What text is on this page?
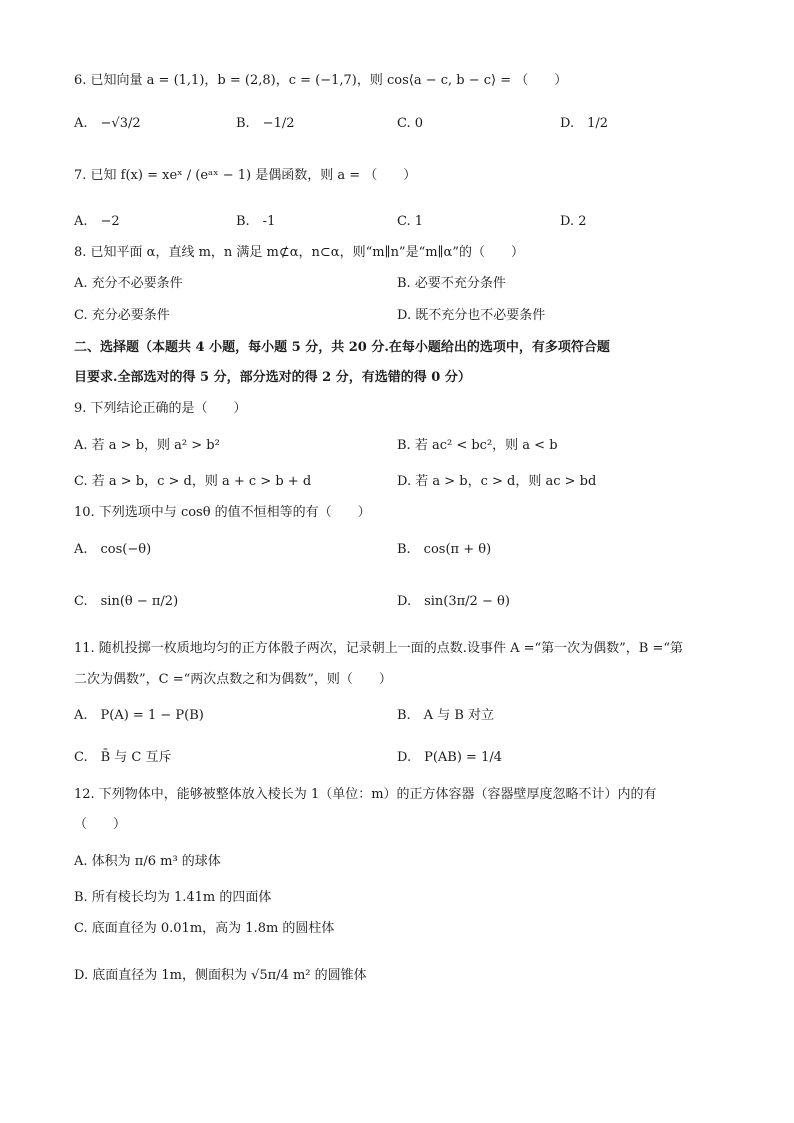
6. 已知向量 a = (1,1)，b = (2,8)，c = (−1,7)，则 cos⟨a − c, b − c⟩ = （　　）
A.　−√3/2	B.　−1/2	C. 0	D.　1/2
7. 已知 f(x) = xeˣ / (eᵃˣ − 1) 是偶函数，则 a = （　　）
A.　−2	B.　-1	C. 1	D. 2
8. 已知平面 α，直线 m，n 满足 m⊄α，n⊂α，则“m∥n”是“m∥α”的（　　）
A. 充分不必要条件	B. 必要不充分条件
C. 充分必要条件	D. 既不充分也不必要条件
二、选择题（本题共 4 小题，每小题 5 分，共 20 分.在每小题给出的选项中，有多项符合题
目要求.全部选对的得 5 分，部分选对的得 2 分，有选错的得 0 分）
9. 下列结论正确的是（　　）
A. 若 a > b，则 a² > b²	B. 若 ac² < bc²，则 a < b
C. 若 a > b，c > d，则 a + c > b + d	D. 若 a > b，c > d，则 ac > bd
10. 下列选项中与 cosθ 的值不恒相等的有（　　）
A.　cos(−θ)	B.　cos(π + θ)
C.　sin(θ − π/2)	D.　sin(3π/2 − θ)
11. 随机投掷一枚质地均匀的正方体骰子两次，记录朝上一面的点数.设事件 A =“第一次为偶数”，B =“第
二次为偶数”，C =“两次点数之和为偶数”，则（　　）
A.　P(A) = 1 − P(B)	B.　A 与 B 对立
C.　B̄ 与 C 互斥	D.　P(AB) = 1/4
12. 下列物体中，能够被整体放入棱长为 1（单位：m）的正方体容器（容器壁厚度忽略不计）内的有
（　　）
A. 体积为 π/6 m³ 的球体
B. 所有棱长均为 1.41m 的四面体
C. 底面直径为 0.01m，高为 1.8m 的圆柱体
D. 底面直径为 1m，侧面积为 √5π/4 m² 的圆锥体
